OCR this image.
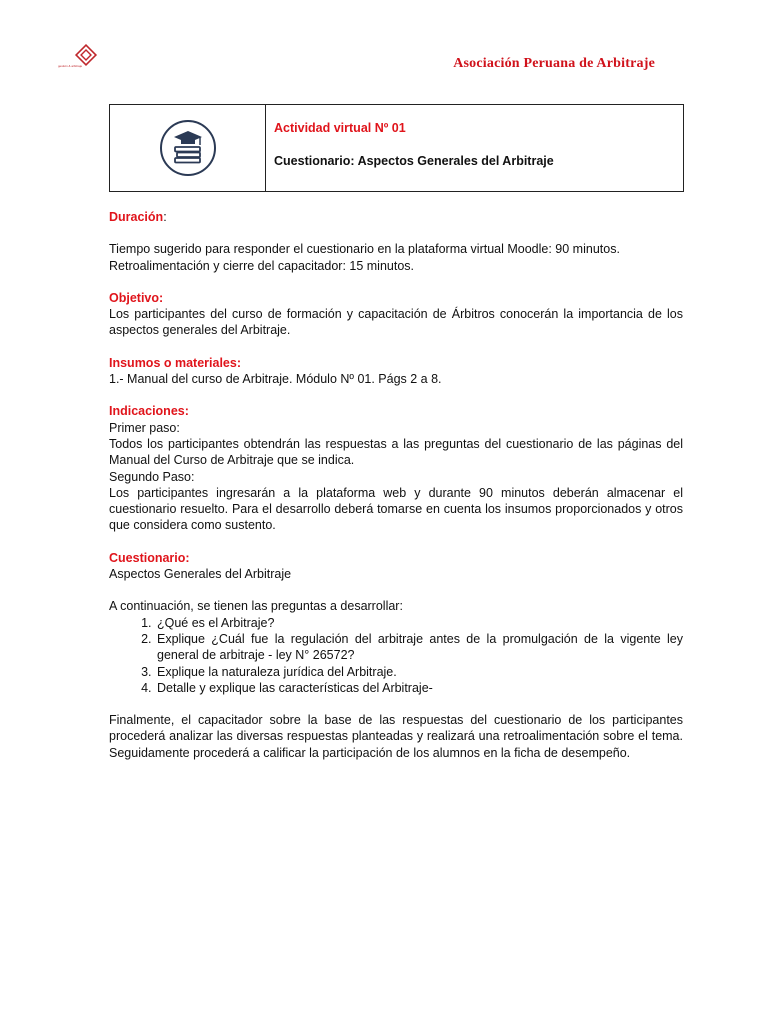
gestión & arbitraje	Asociación Peruana de Arbitraje
Actividad virtual Nº 01
Cuestionario: Aspectos Generales del Arbitraje

Duración:

Tiempo sugerido para responder el cuestionario en la plataforma virtual Moodle: 90 minutos.

Retroalimentación y cierre del capacitador: 15 minutos.

Objetivo:

Los participantes del curso de formación y capacitación de Árbitros conocerán la importancia de los aspectos generales del Arbitraje.

Insumos o materiales:

1.- Manual del curso de Arbitraje. Módulo Nº 01. Págs 2 a 8.

Indicaciones:

Primer paso:

Todos los participantes obtendrán las respuestas a las preguntas del cuestionario de las páginas del Manual del Curso de Arbitraje que se indica.

Segundo Paso:

Los participantes ingresarán a la plataforma web y durante 90 minutos deberán almacenar el cuestionario resuelto. Para el desarrollo deberá tomarse en cuenta los insumos proporcionados y otros que considera como sustento.

Cuestionario:

Aspectos Generales del Arbitraje

A continuación, se tienen las preguntas a desarrollar:

1. ¿Qué es el Arbitraje?
2. Explique ¿Cuál fue la regulación del arbitraje antes de la promulgación de la vigente ley general de arbitraje - ley N° 26572?
3. Explique la naturaleza jurídica del Arbitraje.
4. Detalle y explique las características del Arbitraje-

Finalmente, el capacitador sobre la base de las respuestas del cuestionario de los participantes procederá analizar las diversas respuestas planteadas y realizará una retroalimentación sobre el tema. Seguidamente procederá a calificar la participación de los alumnos en la ficha de desempeño.
